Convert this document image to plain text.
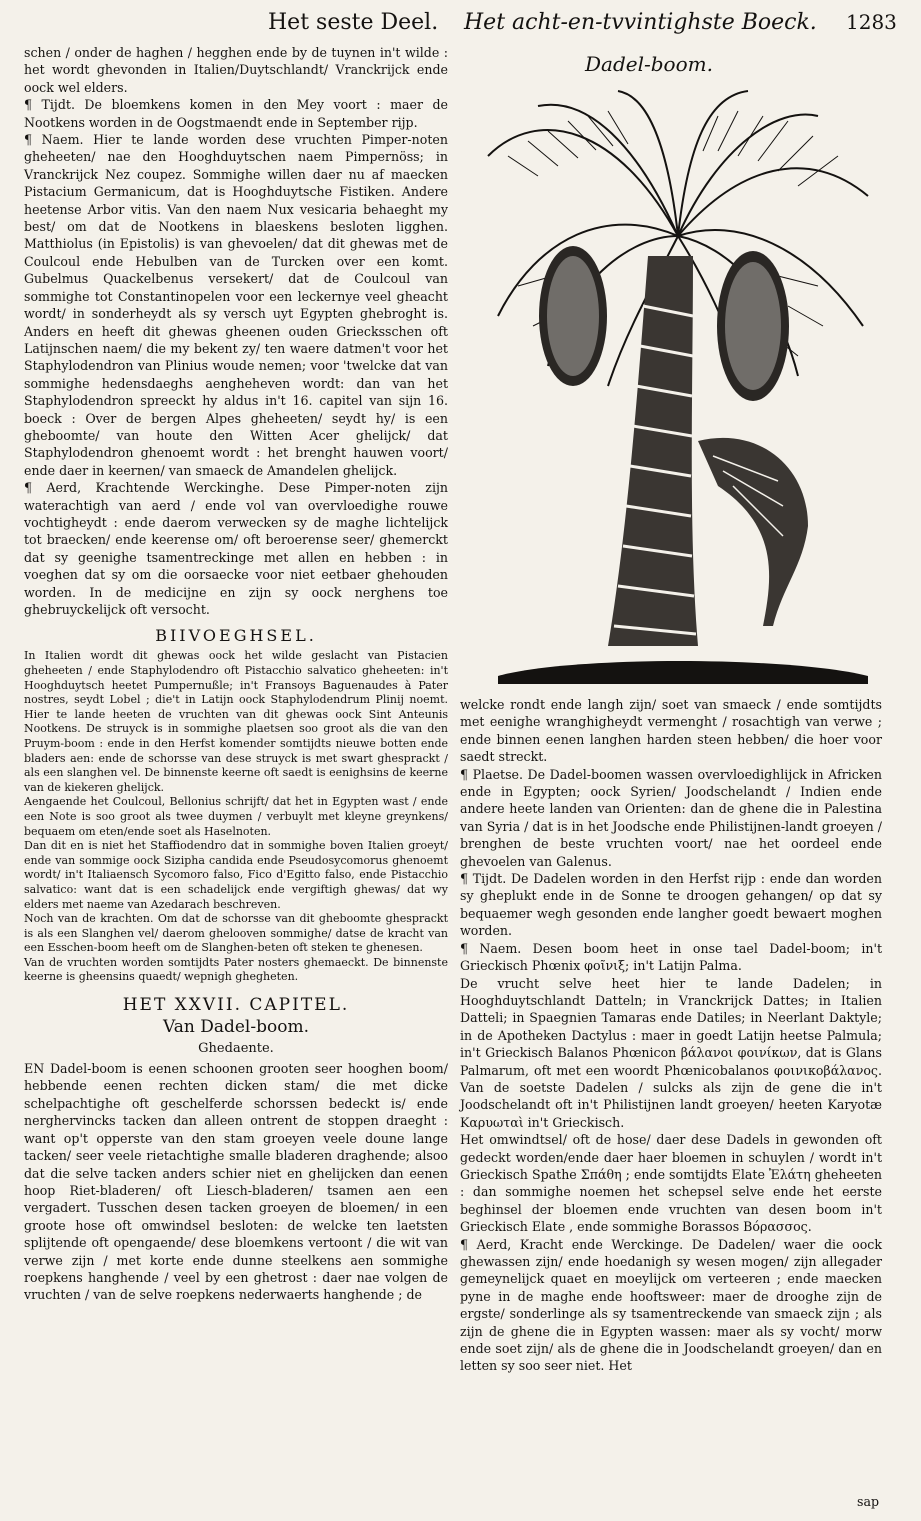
Het seste Deel. Het acht-en-tvvintighste Boeck. 1283
Dadel-boom.

schen / onder de haghen / hegghen ende by de tuynen in't wilde : het wordt ghevonden in Italien/Duytschlandt/ Vranckrijck ende oock wel elders.

¶ Tijdt. De bloemkens komen in den Mey voort : maer de Nootkens worden in de Oogstmaendt ende in September rijp.

¶ Naem. Hier te lande worden dese vruchten Pimper-noten gheheeten/ nae den Hooghduytschen naem Pimpernöss; in Vranckrijck Nez coupez. Sommighe willen daer nu af maecken Pistacium Germanicum, dat is Hooghduytsche Fistiken. Andere heetense Arbor vitis. Van den naem Nux vesicaria behaeght my best/ om dat de Nootkens in blaeskens besloten ligghen. Matthiolus (in Epistolis) is van ghevoelen/ dat dit ghewas met de Coulcoul ende Hebulben van de Turcken over een komt. Gubelmus Quackelbenus versekert/ dat de Coulcoul van sommighe tot Constantinopelen voor een leckernye veel gheacht wordt/ in sonderheydt als sy versch uyt Egypten ghebroght is. Anders en heeft dit ghewas gheenen ouden Griecksschen oft Latijnschen naem/ die my bekent zy/ ten waere datmen't voor het Staphylodendron van Plinius woude nemen; voor 'twelcke dat van sommighe hedensdaeghs aengheheven wordt: dan van het Staphylodendron spreeckt hy aldus in't 16. capitel van sijn 16. boeck : Over de bergen Alpes gheheeten/ seydt hy/ is een gheboomte/ van houte den Witten Acer ghelijck/ dat Staphylodendron ghenoemt wordt : het brenght hauwen voort/ ende daer in keernen/ van smaeck de Amandelen ghelijck.

¶ Aerd, Krachtende Werckinghe. Dese Pimper-noten zijn waterachtigh van aerd / ende vol van overvloedighe rouwe vochtigheydt : ende daerom verwecken sy de maghe lichtelijck tot braecken/ ende keerense om/ oft beroerense seer/ ghemerckt dat sy geenighe tsamentreckinge met allen en hebben : in voeghen dat sy om die oorsaecke voor niet eetbaer ghehouden worden. In de medicijne en zijn sy oock nerghens toe ghebruyckelijck oft versocht.

BIIVOEGHSEL.

In Italien wordt dit ghewas oock het wilde geslacht van Pistacien gheheeten / ende Staphylodendro oft Pistacchio salvatico gheheeten: in't Hooghduytsch heetet Pumpernußle; in't Fransoys Baguenaudes à Pater nostres, seydt Lobel ; die't in Latijn oock Staphylodendrum Plinij noemt. Hier te lande heeten de vruchten van dit ghewas oock Sint Anteunis Nootkens. De struyck is in sommighe plaetsen soo groot als die van den Pruym-boom : ende in den Herfst komender somtijdts nieuwe botten ende bladers aen: ende de schorsse van dese struyck is met swart ghesprackt / als een slanghen vel. De binnenste keerne oft saedt is eenighsins de keerne van de kiekeren ghelijck.

Aengaende het Coulcoul, Bellonius schrijft/ dat het in Egypten wast / ende een Note is soo groot als twee duymen / verbuylt met kleyne greynkens/ bequaem om eten/ende soet als Haselnoten.

Dan dit en is niet het Staffiodendro dat in sommighe boven Italien groeyt/ ende van sommige oock Sizipha candida ende Pseudosycomorus ghenoemt wordt/ in't Italiaensch Sycomoro falso, Fico d'Egitto falso, ende Pistacchio salvatico: want dat is een schadelijck ende vergiftigh ghewas/ dat wy elders met naeme van Azedarach beschreven.

Noch van de krachten. Om dat de schorsse van dit gheboomte ghesprackt is als een Slanghen vel/ daerom ghelooven sommighe/ datse de kracht van een Esschen-boom heeft om de Slanghen-beten oft steken te ghenesen.

Van de vruchten worden somtijdts Pater nosters ghemaeckt. De binnenste keerne is gheensins quaedt/ wepnigh ghegheten.

HET XXVII. CAPITEL.

Van Dadel-boom.

Ghedaente.

EN Dadel-boom is eenen schoonen grooten seer hooghen boom/ hebbende eenen rechten dicken stam/ die met dicke schelpachtighe oft geschelferde schorssen bedeckt is/ ende nerghervincks tacken dan alleen ontrent de stoppen draeght : want op't opperste van den stam groeyen veele doune lange tacken/ seer veele rietachtighe smalle bladeren draghende; alsoo dat die selve tacken anders schier niet en ghelijcken dan eenen hoop Riet-bladeren/ oft Liesch-bladeren/ tsamen aen een vergadert. Tusschen desen tacken groeyen de bloemen/ in een groote hose oft omwindsel besloten: de welcke ten laetsten splijtende oft opengaende/ dese bloemkens vertoont / die wit van verwe zijn / met korte ende dunne steelkens aen sommighe roepkens hanghende / veel by een ghetrost : daer nae volgen de vruchten / van de selve roepkens nederwaerts hanghende ; de

welcke rondt ende langh zijn/ soet van smaeck / ende somtijdts met eenighe wranghigheydt vermenght / rosachtigh van verwe ; ende binnen eenen langhen harden steen hebben/ die hoer voor saedt streckt.

¶ Plaetse. De Dadel-boomen wassen overvloedighlijck in Africken ende in Egypten; oock Syrien/ Joodschelandt / Indien ende andere heete landen van Orienten: dan de ghene die in Palestina van Syria / dat is in het Joodsche ende Philistijnen-landt groeyen / brenghen de beste vruchten voort/ nae het oordeel ende ghevoelen van Galenus.

¶ Tijdt. De Dadelen worden in den Herfst rijp : ende dan worden sy gheplukt ende in de Sonne te droogen gehangen/ op dat sy bequaemer wegh gesonden ende langher goedt bewaert moghen worden.

¶ Naem. Desen boom heet in onse tael Dadel-boom; in't Grieckisch Phœnix φοῖνιξ; in't Latijn Palma.

De vrucht selve heet hier te lande Dadelen; in Hooghduytschlandt Datteln; in Vranckrijck Dattes; in Italien Datteli; in Spaegnien Tamaras ende Datiles; in Neerlant Daktyle; in de Apotheken Dactylus : maer in goedt Latijn heetse Palmula; in't Grieckisch Balanos Phœnicon βάλανοι φοινίκων, dat is Glans Palmarum, oft met een woordt Phœnicobalanos φοινικοβάλανος. Van de soetste Dadelen / sulcks als zijn de gene die in't Joodschelandt oft in't Philistijnen landt groeyen/ heeten Karyotæ Καρυωταὶ in't Grieckisch.

Het omwindtsel/ oft de hose/ daer dese Dadels in gewonden oft gedeckt worden/ende daer haer bloemen in schuylen / wordt in't Grieckisch Spathe Σπάθη ; ende somtijdts Elate Ἐλάτη gheheeten : dan sommighe noemen het schepsel selve ende het eerste beghinsel der bloemen ende vruchten van desen boom in't Grieckisch Elate , ende sommighe Borassos Βόρασσος.

¶ Aerd, Kracht ende Werckinge. De Dadelen/ waer die oock ghewassen zijn/ ende hoedanigh sy wesen mogen/ zijn allegader gemeynelijck quaet en moeylijck om verteeren ; ende maecken pyne in de maghe ende hooftsweer: maer de drooghe zijn de ergste/ sonderlinge als sy tsamentreckende van smaeck zijn ; als zijn de ghene die in Egypten wassen: maer als sy vocht/ morw ende soet zijn/ als de ghene die in Joodschelandt groeyen/ dan en letten sy soo seer niet. Het

sap
